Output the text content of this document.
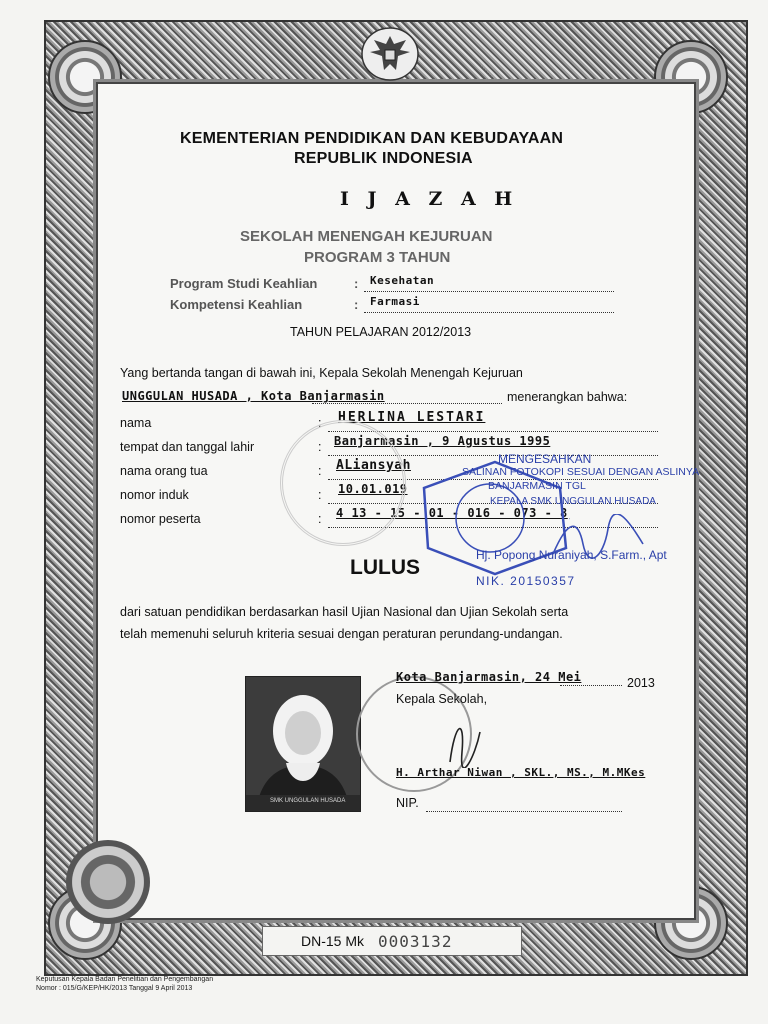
KEMENTERIAN PENDIDIKAN DAN KEBUDAYAAN
REPUBLIK INDONESIA
I J A Z A H
SEKOLAH MENENGAH KEJURUAN
PROGRAM 3 TAHUN
Program Studi Keahlian	: Kesehatan
Kompetensi Keahlian	: Farmasi
TAHUN PELAJARAN 2012/2013
Yang bertanda tangan di bawah ini, Kepala Sekolah Menengah Kejuruan
UNGGULAN HUSADA , Kota Banjarmasin	menerangkan bahwa:
nama	: HERLINA LESTARI
tempat dan tanggal lahir	: Banjarmasin , 9 Agustus 1995
nama orang tua	: ALiansyah
nomor induk	: 10.01.019
nomor peserta	: 4 13 - 15 - 01 - 016 - 073 - 8
MENGESAHKAN
SALINAN FOTOKOPI SESUAI DENGAN ASLINYA
BANJARMASIN TGL
KEPALA SMK UNGGULAN HUSADA
Hj. Popong Nuraniyah, S.Farm., Apt
NIK. 20150357
LULUS
dari satuan pendidikan berdasarkan hasil Ujian Nasional dan Ujian Sekolah serta
telah memenuhi seluruh kriteria sesuai dengan peraturan perundang-undangan.
SMK UNGGULAN HUSADA
Kota Banjarmasin, 24 Mei	2013
Kepala Sekolah,
H. Arthar Niwan , SKL., MS., M.MKes
NIP.
DN-15 Mk 0003132
Keputusan Kepala Badan Penelitian dan Pengembangan
Nomor : 015/G/KEP/HK/2013 Tanggal 9 April 2013
